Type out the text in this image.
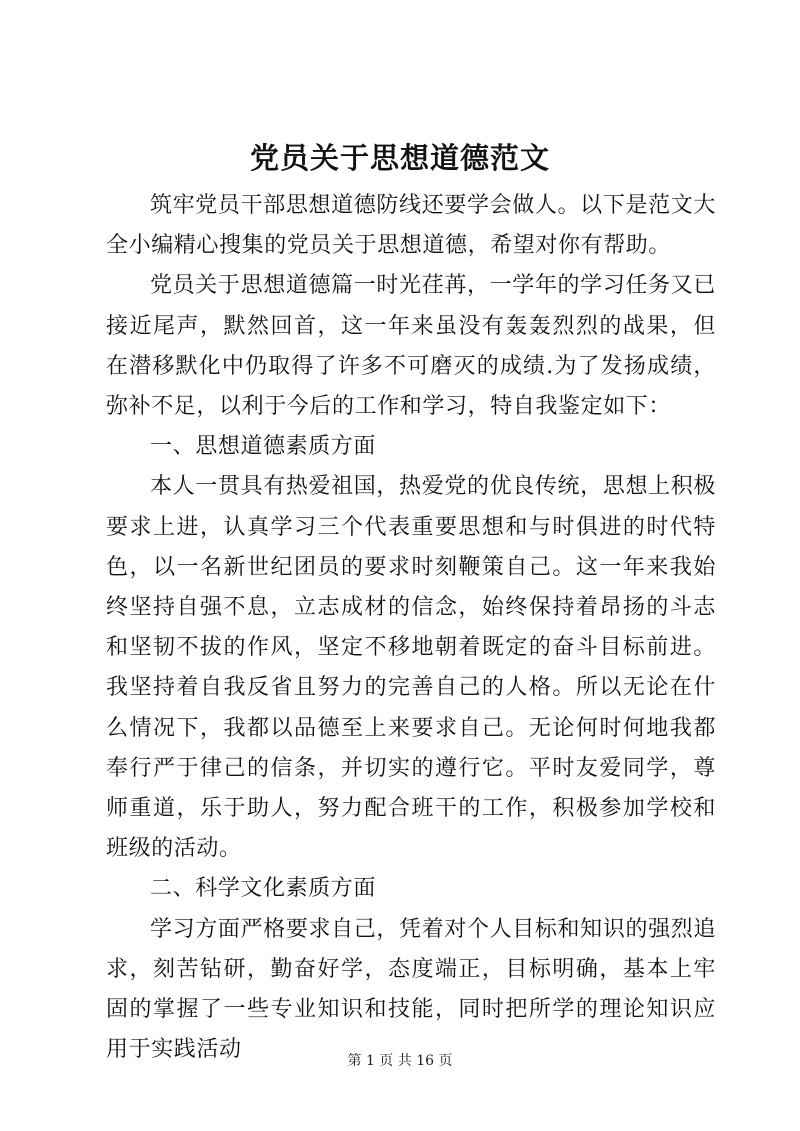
党员关于思想道德范文

筑牢党员干部思想道德防线还要学会做人。以下是范文大全小编精心搜集的党员关于思想道德，希望对你有帮助。

党员关于思想道德篇一时光荏苒，一学年的学习任务又已接近尾声，默然回首，这一年来虽没有轰轰烈烈的战果，但在潜移默化中仍取得了许多不可磨灭的成绩.为了发扬成绩，弥补不足，以利于今后的工作和学习，特自我鉴定如下：

一、思想道德素质方面

本人一贯具有热爱祖国，热爱党的优良传统，思想上积极要求上进，认真学习三个代表重要思想和与时俱进的时代特色，以一名新世纪团员的要求时刻鞭策自己。这一年来我始终坚持自强不息，立志成材的信念，始终保持着昂扬的斗志和坚韧不拔的作风，坚定不移地朝着既定的奋斗目标前进。我坚持着自我反省且努力的完善自己的人格。所以无论在什么情况下，我都以品德至上来要求自己。无论何时何地我都奉行严于律己的信条，并切实的遵行它。平时友爱同学，尊师重道，乐于助人，努力配合班干的工作，积极参加学校和班级的活动。

二、科学文化素质方面

学习方面严格要求自己，凭着对个人目标和知识的强烈追求，刻苦钻研，勤奋好学，态度端正，目标明确，基本上牢固的掌握了一些专业知识和技能，同时把所学的理论知识应用于实践活动	第 1 页 共 16 页
